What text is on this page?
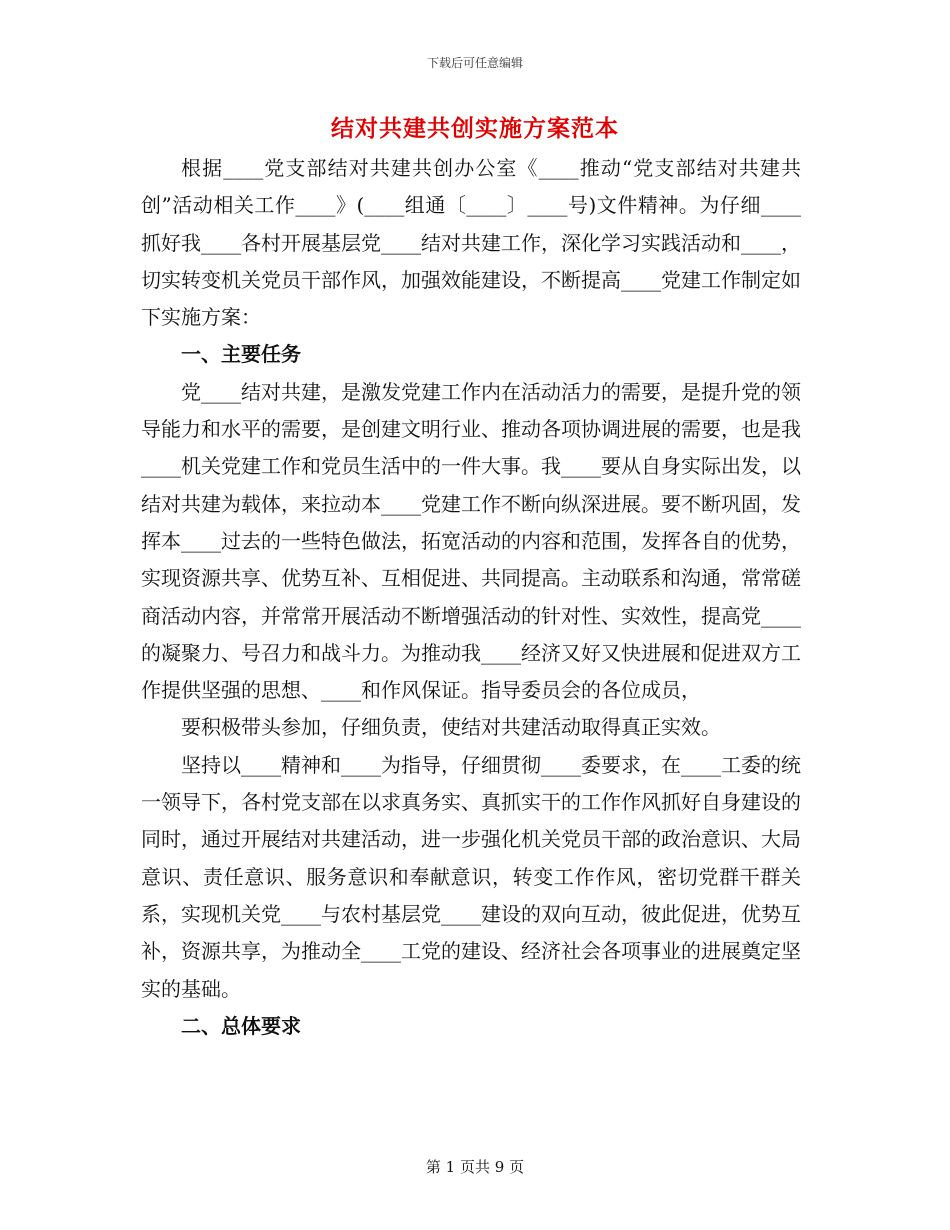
下载后可任意编辑
结对共建共创实施方案范本

根据____党支部结对共建共创办公室《____推动“党支部结对共建共创”活动相关工作____》(____组通〔____〕____号)文件精神。为仔细____抓好我____各村开展基层党____结对共建工作，深化学习实践活动和____，切实转变机关党员干部作风，加强效能建设，不断提高____党建工作制定如下实施方案：

一、主要任务

党____结对共建，是激发党建工作内在活动活力的需要，是提升党的领导能力和水平的需要，是创建文明行业、推动各项协调进展的需要，也是我____机关党建工作和党员生活中的一件大事。我____要从自身实际出发，以结对共建为载体，来拉动本____党建工作不断向纵深进展。要不断巩固，发挥本____过去的一些特色做法，拓宽活动的内容和范围，发挥各自的优势，实现资源共享、优势互补、互相促进、共同提高。主动联系和沟通，常常磋商活动内容，并常常开展活动不断增强活动的针对性、实效性，提高党____的凝聚力、号召力和战斗力。为推动我____经济又好又快进展和促进双方工作提供坚强的思想、____和作风保证。指导委员会的各位成员，

要积极带头参加，仔细负责，使结对共建活动取得真正实效。

坚持以____精神和____为指导，仔细贯彻____委要求，在____工委的统一领导下，各村党支部在以求真务实、真抓实干的工作作风抓好自身建设的同时，通过开展结对共建活动，进一步强化机关党员干部的政治意识、大局意识、责任意识、服务意识和奉献意识，转变工作作风，密切党群干群关系，实现机关党____与农村基层党____建设的双向互动，彼此促进，优势互补，资源共享，为推动全____工党的建设、经济社会各项事业的进展奠定坚实的基础。

二、总体要求

第 1 页共 9 页
